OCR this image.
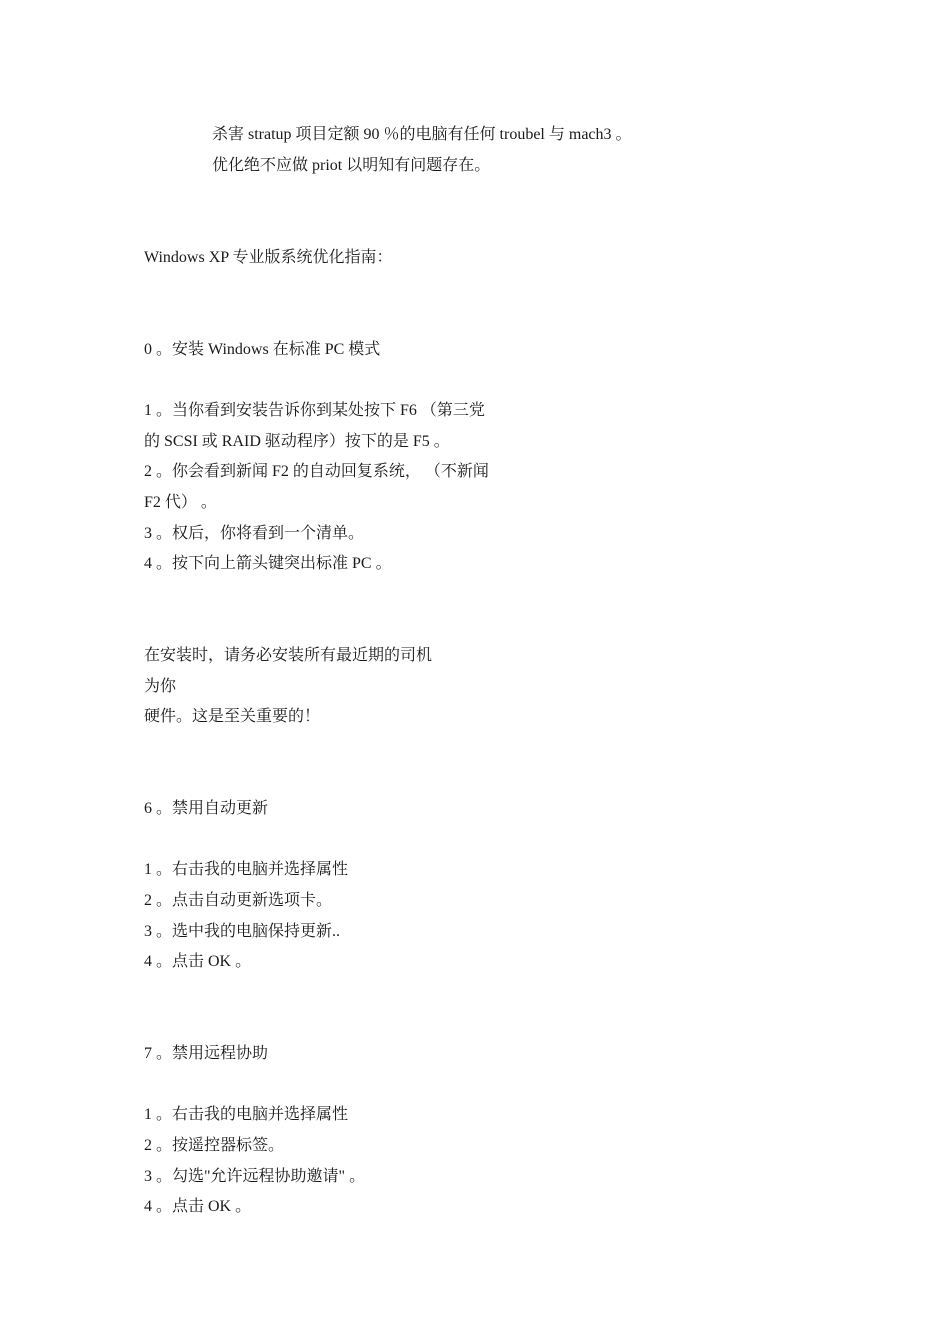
杀害 stratup 项目定额 90 ％的电脑有任何 troubel 与 mach3 。
优化绝不应做 priot 以明知有问题存在。
Windows XP 专业版系统优化指南：
0 。安装 Windows 在标准 PC 模式
1 。当你看到安装告诉你到某处按下 F6 （第三党
的 SCSI 或 RAID 驱动程序）按下的是 F5 。
2 。你会看到新闻 F2 的自动回复系统， （不新闻
F2 代） 。
3 。权后，你将看到一个清单。
4 。按下向上箭头键突出标准 PC 。
在安装时，请务必安装所有最近期的司机
为你
硬件。这是至关重要的！
6 。禁用自动更新
1 。右击我的电脑并选择属性
2 。点击自动更新选项卡。
3 。选中我的电脑保持更新..
4 。点击 OK 。
7 。禁用远程协助
1 。右击我的电脑并选择属性
2 。按遥控器标签。
3 。勾选"允许远程协助邀请" 。
4 。点击 OK 。
